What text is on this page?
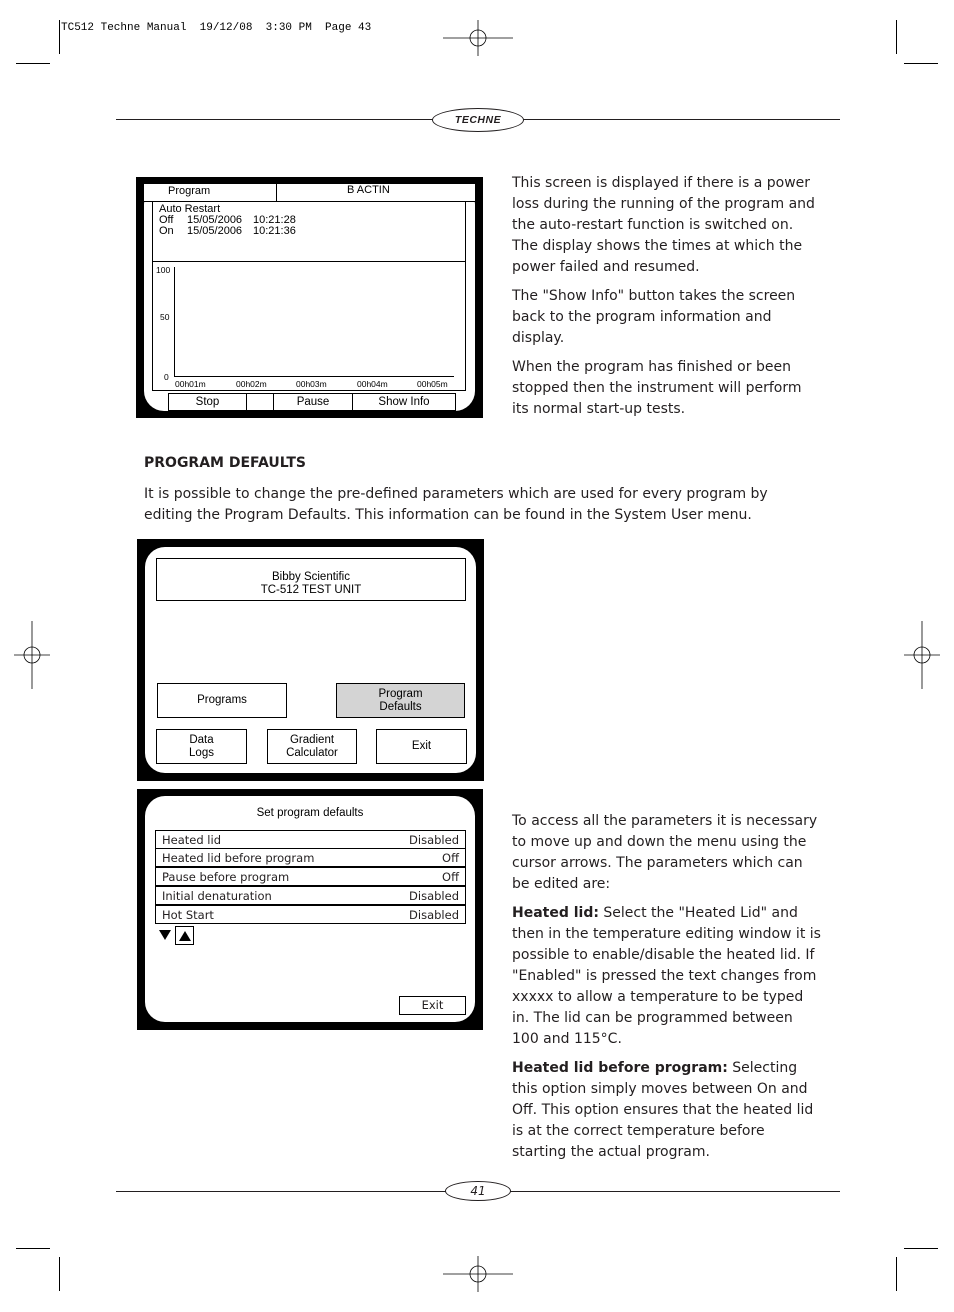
TC512 Techne Manual  19/12/08  3:30 PM  Page 43
TECHNE
Program	B ACTIN
Auto Restart
Off 15/05/2006 10:21:28
On 15/05/2006 10:21:36
100
50
0
00h01m	00h02m	00h03m	00h04m	00h05m
Stop	Pause	Show Info

This screen is displayed if there is a power loss during the running of the program and the auto-restart function is switched on. The display shows the times at which the power failed and resumed.

The "Show Info" button takes the screen back to the program information and display.

When the program has finished or been stopped then the instrument will perform its normal start-up tests.

PROGRAM DEFAULTS
It is possible to change the pre-defined parameters which are used for every program by editing the Program Defaults. This information can be found in the System User menu.
Bibby Scientific
TC-512 TEST UNIT
Programs
Program
Defaults
Data
Logs
Gradient
Calculator
Exit
Set program defaults
Heated lid	Disabled
Heated lid before program	Off
Pause before program	Off
Initial denaturation	Disabled
Hot Start	Disabled
Exit

To access all the parameters it is necessary to move up and down the menu using the cursor arrows. The parameters which can be edited are:

Heated lid: Select the "Heated Lid" and then in the temperature editing window it is possible to enable/disable the heated lid. If "Enabled" is pressed the text changes from xxxxx to allow a temperature to be typed in. The lid can be programmed between 100 and 115°C.

Heated lid before program: Selecting this option simply moves between On and Off. This option ensures that the heated lid is at the correct temperature before starting the actual program.

41
